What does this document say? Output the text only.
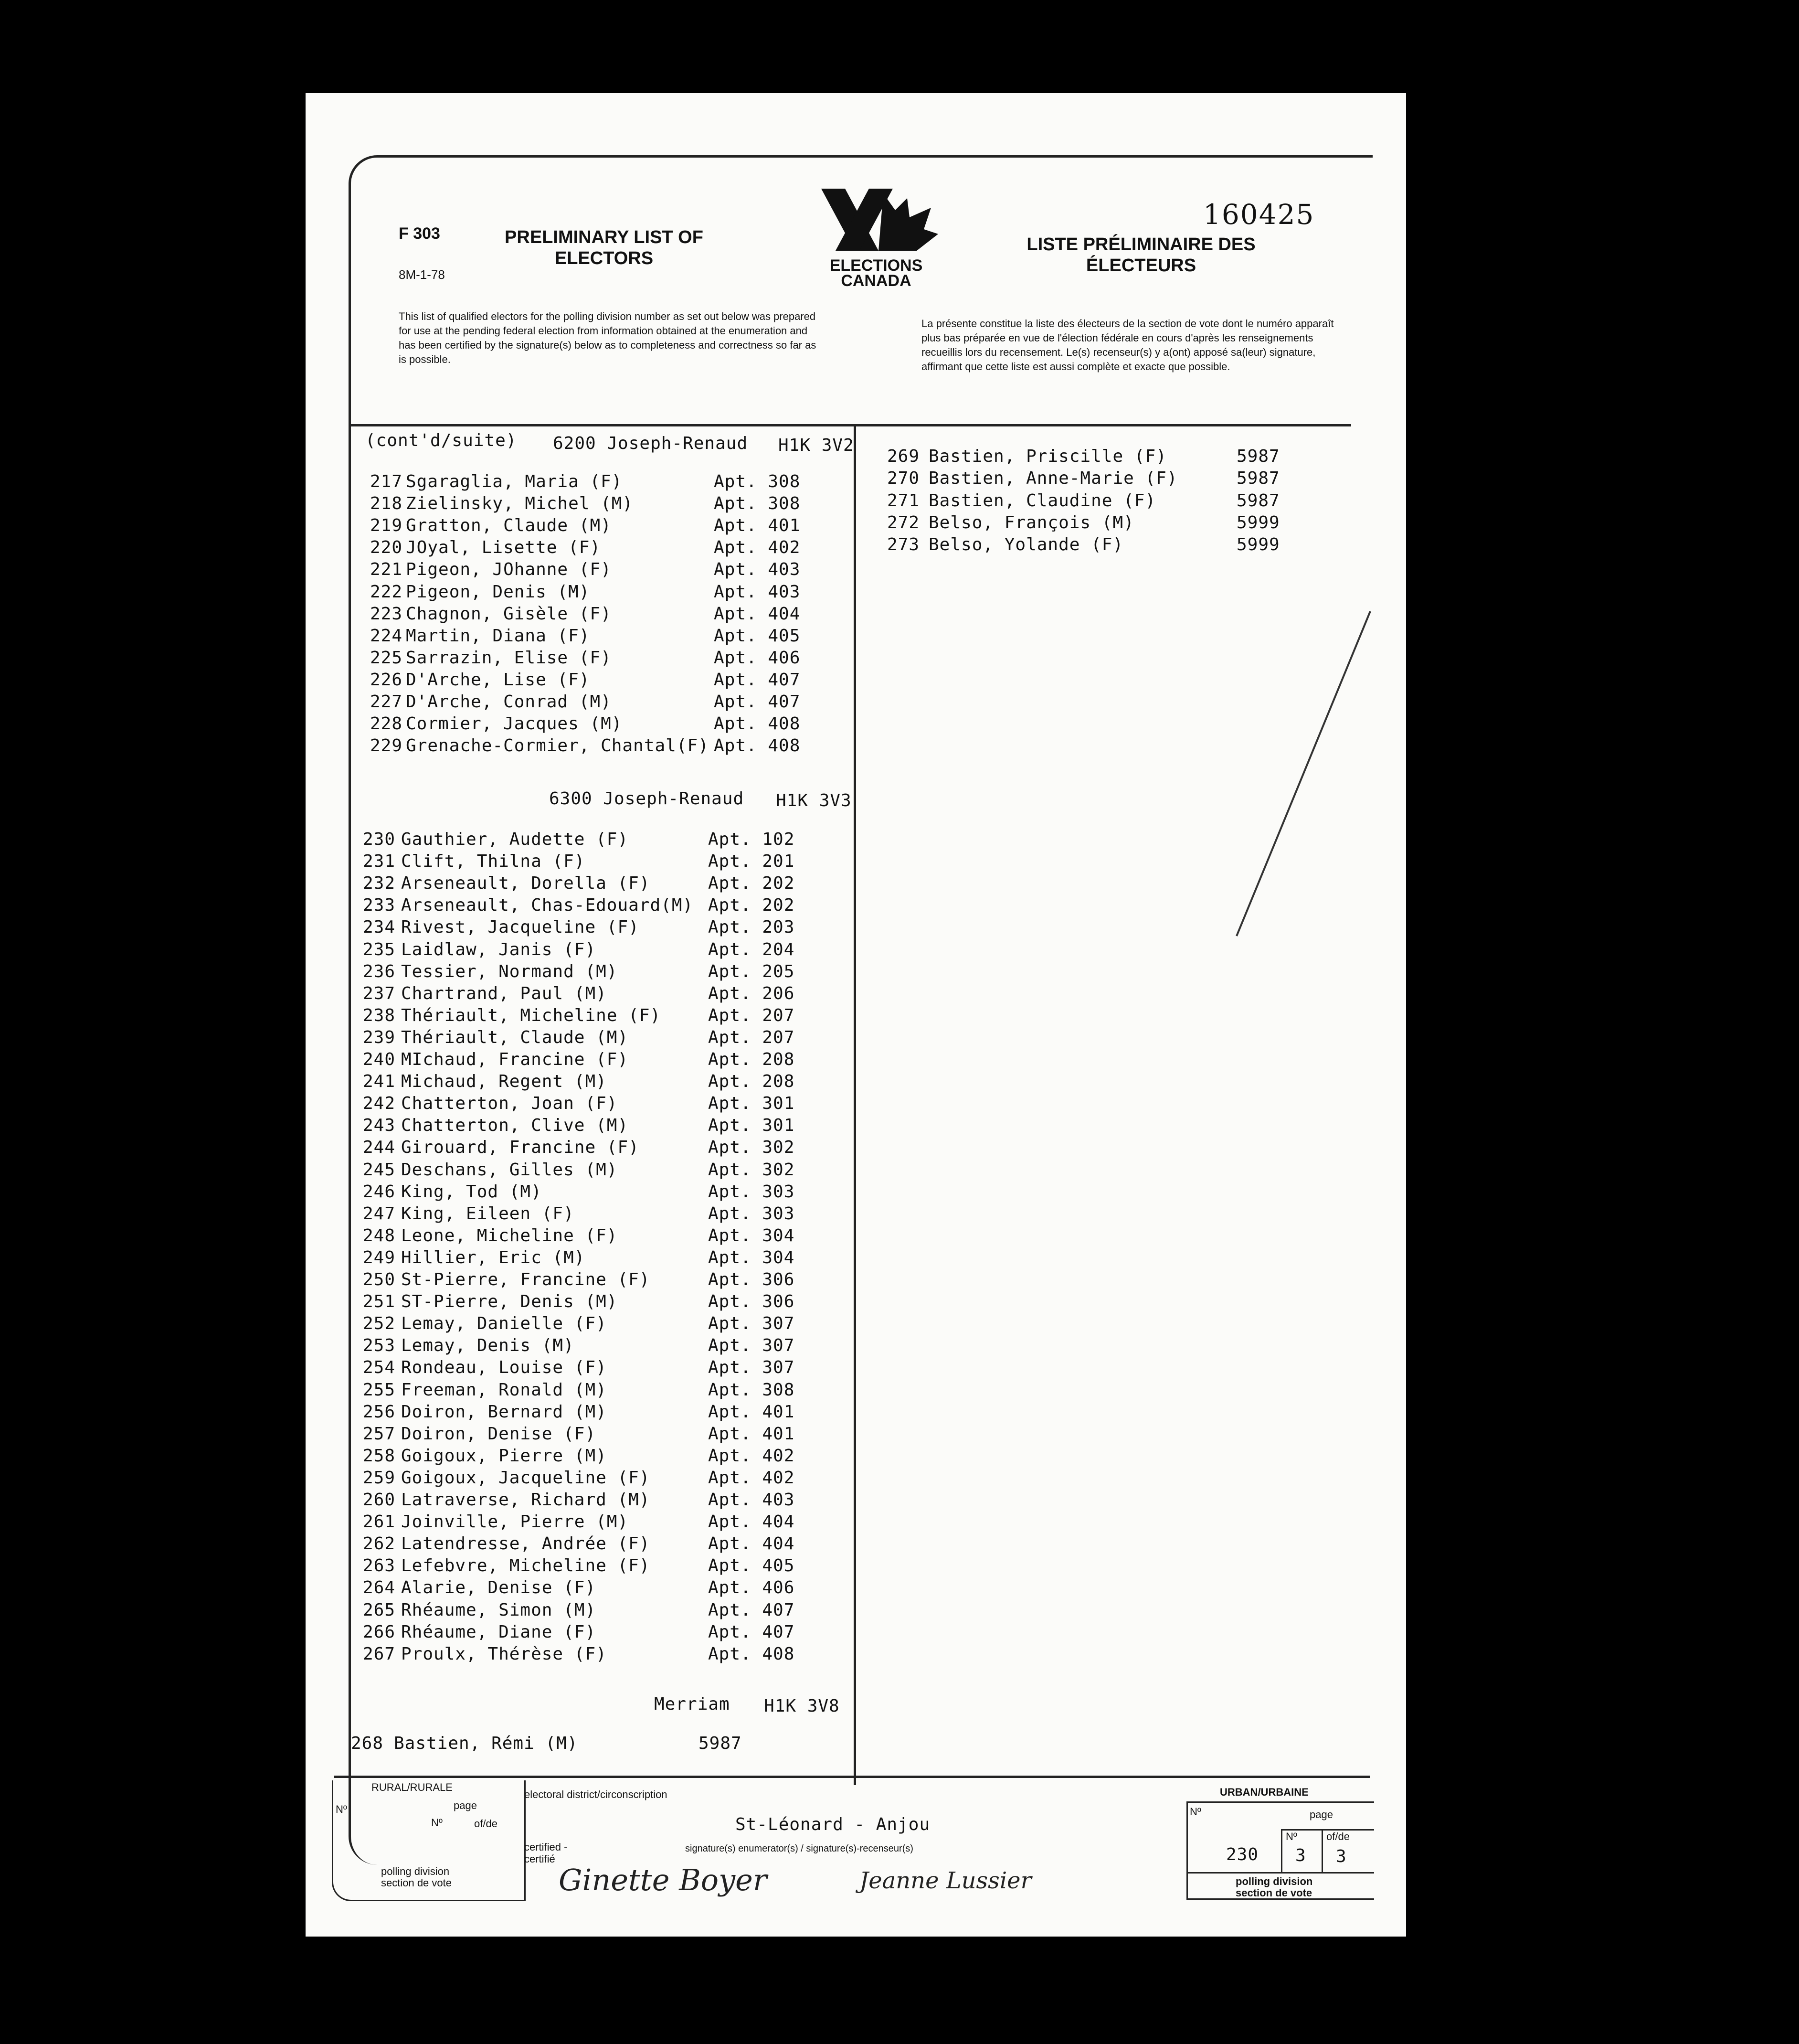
F 303
8M-1-78
PRELIMINARY LIST OF
ELECTORS	ELECTIONS
CANADA
160425
LISTE PRÉLIMINAIRE DES
ÉLECTEURS
This list of qualified electors for the polling division number as set out below was prepared for use at the pending federal election from information obtained at the enumeration and has been certified by the signature(s) below as to completeness and correctness so far as is possible.
La présente constitue la liste des électeurs de la section de vote dont le numéro apparaît plus bas préparée en vue de l'élection fédérale en cours d'après les renseignements recueillis lors du recensement. Le(s) recenseur(s) y a(ont) apposé sa(leur) signature, affirmant que cette liste est aussi complète et exacte que possible.
(cont'd/suite) 6200 Joseph-Renaud H1K 3V2
217 Sgaraglia, Maria (F)	Apt. 308
218 Zielinsky, Michel (M)	Apt. 308
219 Gratton, Claude (M)	Apt. 401
220 JOyal, Lisette (F)	Apt. 402
221 Pigeon, JOhanne (F)	Apt. 403
222 Pigeon, Denis (M)	Apt. 403
223 Chagnon, Gisèle (F)	Apt. 404
224 Martin, Diana (F)	Apt. 405
225 Sarrazin, Elise (F)	Apt. 406
226 D'Arche, Lise (F)	Apt. 407
227 D'Arche, Conrad (M)	Apt. 407
228 Cormier, Jacques (M)	Apt. 408
229 Grenache-Cormier, Chantal(F) Apt. 408
6300 Joseph-Renaud H1K 3V3
230 Gauthier, Audette (F)	Apt. 102
231 Clift, Thilna (F)	Apt. 201
232 Arseneault, Dorella (F)	Apt. 202
233 Arseneault, Chas-Edouard(M) Apt. 202
234 Rivest, Jacqueline (F)	Apt. 203
235 Laidlaw, Janis (F)	Apt. 204
236 Tessier, Normand (M)	Apt. 205
237 Chartrand, Paul (M)	Apt. 206
238 Thériault, Micheline (F)	Apt. 207
239 Thériault, Claude (M)	Apt. 207
240 MIchaud, Francine (F)	Apt. 208
241 Michaud, Regent (M)	Apt. 208
242 Chatterton, Joan (F)	Apt. 301
243 Chatterton, Clive (M)	Apt. 301
244 Girouard, Francine (F)	Apt. 302
245 Deschans, Gilles (M)	Apt. 302
246 King, Tod (M)	Apt. 303
247 King, Eileen (F)	Apt. 303
248 Leone, Micheline (F)	Apt. 304
249 Hillier, Eric (M)	Apt. 304
250 St-Pierre, Francine (F)	Apt. 306
251 ST-Pierre, Denis (M)	Apt. 306
252 Lemay, Danielle (F)	Apt. 307
253 Lemay, Denis (M)	Apt. 307
254 Rondeau, Louise (F)	Apt. 307
255 Freeman, Ronald (M)	Apt. 308
256 Doiron, Bernard (M)	Apt. 401
257 Doiron, Denise (F)	Apt. 401
258 Goigoux, Pierre (M)	Apt. 402
259 Goigoux, Jacqueline (F)	Apt. 402
260 Latraverse, Richard (M)	Apt. 403
261 Joinville, Pierre (M)	Apt. 404
262 Latendresse, Andrée (F)	Apt. 404
263 Lefebvre, Micheline (F)	Apt. 405
264 Alarie, Denise (F)	Apt. 406
265 Rhéaume, Simon (M)	Apt. 407
266 Rhéaume, Diane (F)	Apt. 407
267 Proulx, Thérèse (F)	Apt. 408
Merriam H1K 3V8
268 Bastien, Rémi (M)	5987
269 Bastien, Priscille (F)	5987
270 Bastien, Anne-Marie (F)	5987
271 Bastien, Claudine (F)	5987
272 Belso, François (M)	5999
273 Belso, Yolande (F)	5999
RURAL/RURALE
Nº	page
Nº	of/de
polling division
section de vote
electoral district/circonscription
St-Léonard - Anjou
signature(s) enumerator(s) / signature(s)-recenseur(s)
certified -
certifié
Ginette Boyer	Jeanne Lussier
URBAN/URBAINE
Nº	page
Nº	of/de
230 3 3
polling division
section de vote
